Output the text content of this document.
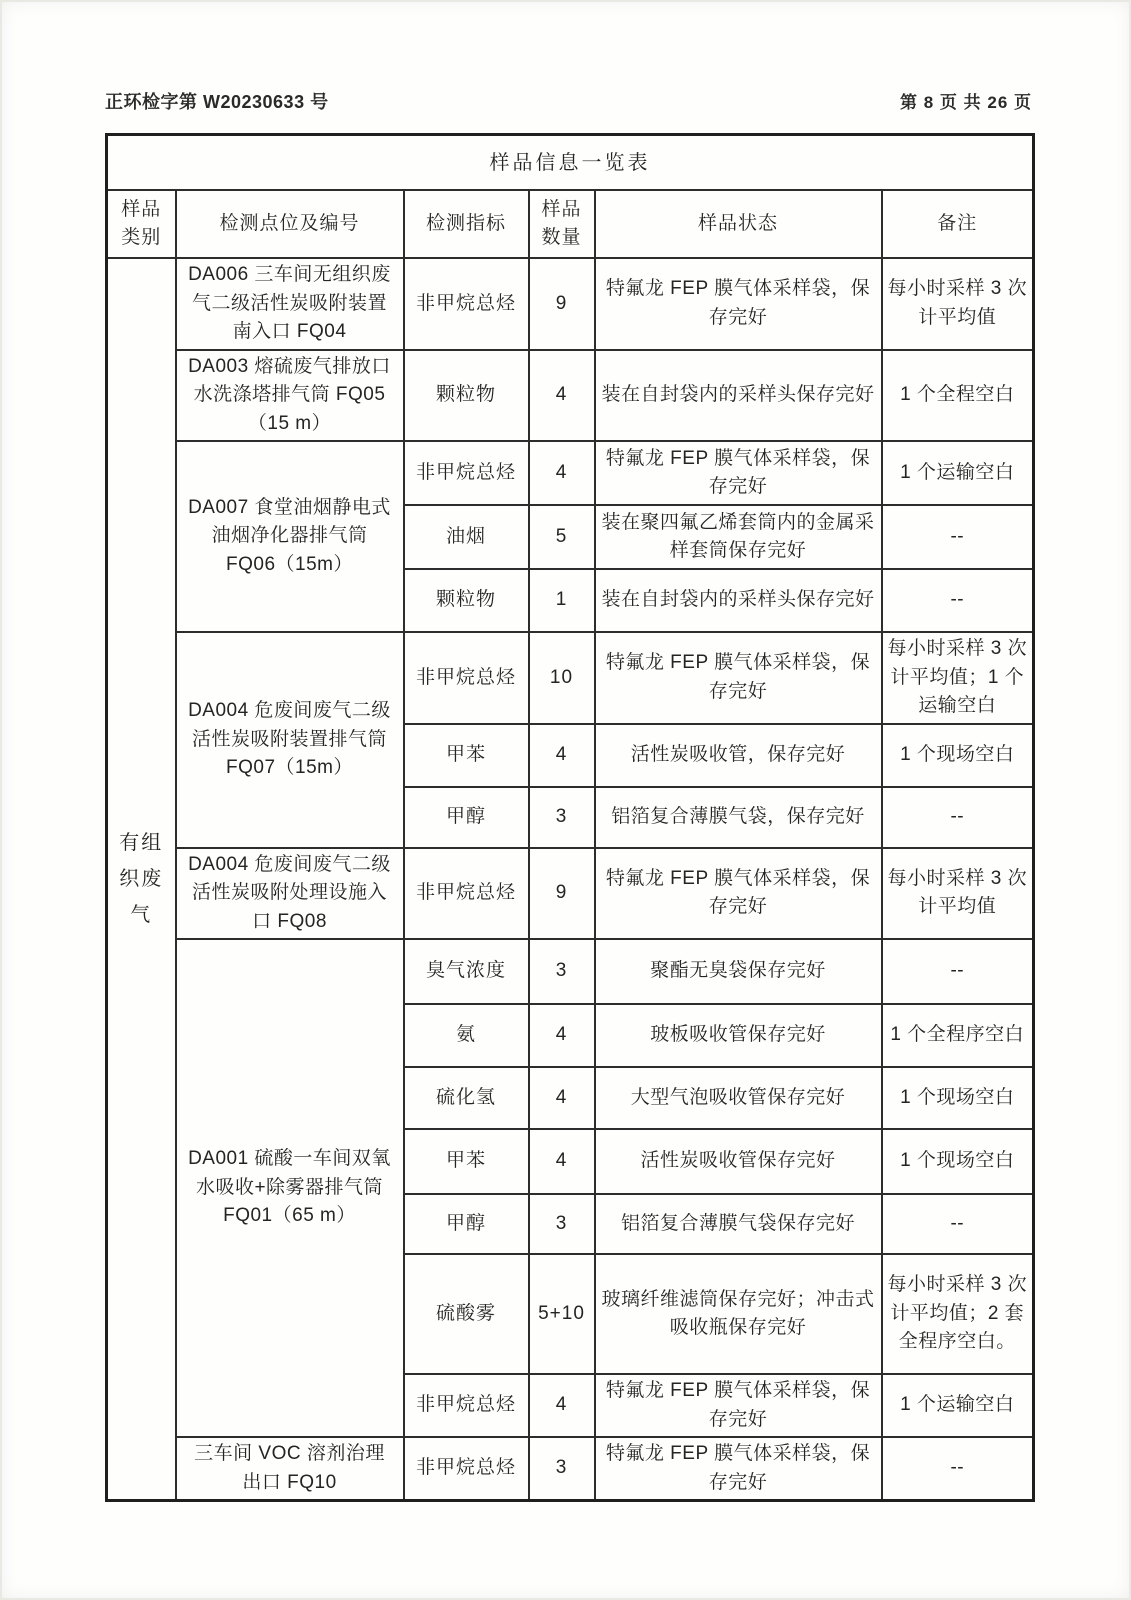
正环检字第 W20230633 号	第 8 页 共 26 页
样品信息一览表					
样品类别	检测点位及编号	检测指标	样品数量	样品状态	备注
有组织废气	DA006 三车间无组织废气二级活性炭吸附装置南入口 FQ04	非甲烷总烃	9	特氟龙 FEP 膜气体采样袋，保存完好	每小时采样 3 次计平均值
	DA003 熔硫废气排放口水洗涤塔排气筒 FQ05（15 m）	颗粒物	4	装在自封袋内的采样头保存完好	1 个全程空白
	DA007 食堂油烟静电式油烟净化器排气筒 FQ06（15m）	非甲烷总烃	4	特氟龙 FEP 膜气体采样袋，保存完好	1 个运输空白
		油烟	5	装在聚四氟乙烯套筒内的金属采样套筒保存完好	--
		颗粒物	1	装在自封袋内的采样头保存完好	--
	DA004 危废间废气二级活性炭吸附装置排气筒 FQ07（15m）	非甲烷总烃	10	特氟龙 FEP 膜气体采样袋，保存完好	每小时采样 3 次计平均值；1 个运输空白
		甲苯	4	活性炭吸收管，保存完好	1 个现场空白
		甲醇	3	铝箔复合薄膜气袋，保存完好	--
	DA004 危废间废气二级活性炭吸附处理设施入口 FQ08	非甲烷总烃	9	特氟龙 FEP 膜气体采样袋，保存完好	每小时采样 3 次计平均值
	DA001 硫酸一车间双氧水吸收+除雾器排气筒 FQ01（65 m）	臭气浓度	3	聚酯无臭袋保存完好	--
		氨	4	玻板吸收管保存完好	1 个全程序空白
		硫化氢	4	大型气泡吸收管保存完好	1 个现场空白
		甲苯	4	活性炭吸收管保存完好	1 个现场空白
		甲醇	3	铝箔复合薄膜气袋保存完好	--
		硫酸雾	5+10	玻璃纤维滤筒保存完好；冲击式吸收瓶保存完好	每小时采样 3 次计平均值；2 套全程序空白。
		非甲烷总烃	4	特氟龙 FEP 膜气体采样袋，保存完好	1 个运输空白
	三车间 VOC 溶剂治理出口 FQ10	非甲烷总烃	3	特氟龙 FEP 膜气体采样袋，保存完好	--
